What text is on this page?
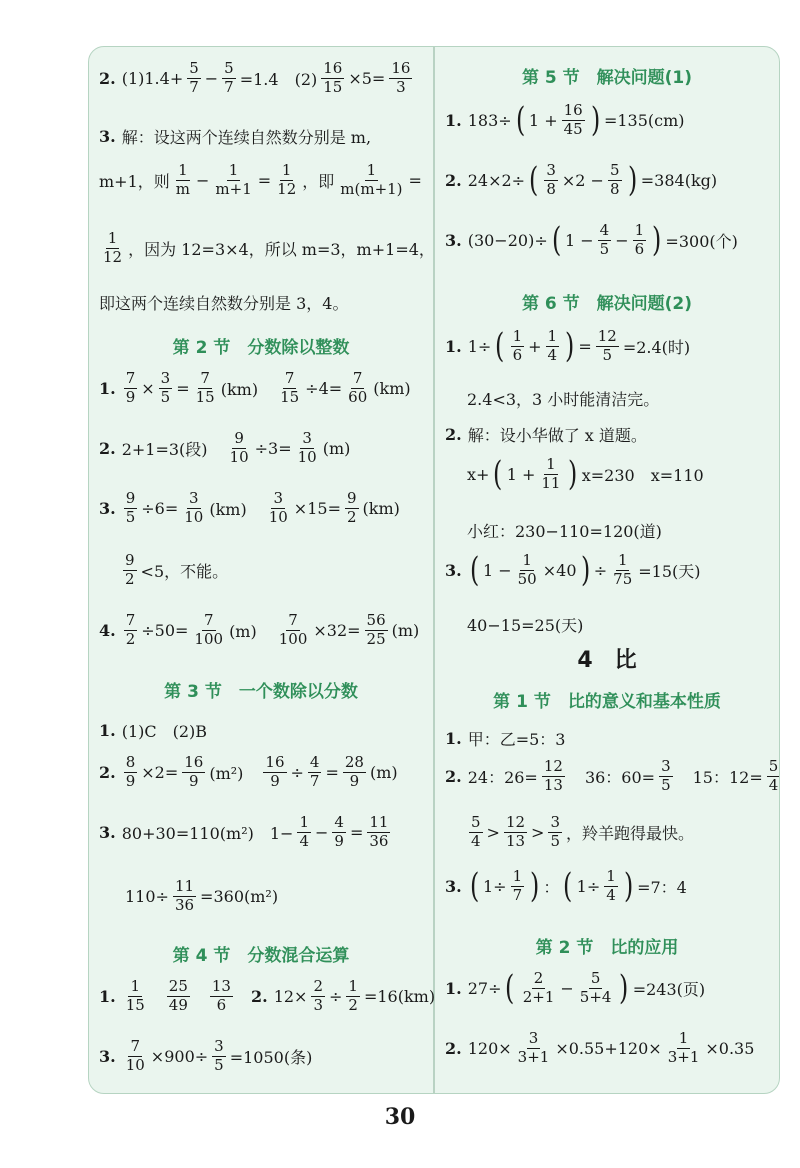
2. $(1)1.4+ \frac{5}{7} - \frac{5}{7} =1.4$　$(2) \frac{16}{15} \times 5= \frac{16}{3}$
3. 解：设这两个连续自然数分别是 m,
m+1，则 $\frac{1}{m} - \frac{1}{m+1} = \frac{1}{12}$ ，即 $\frac{1}{m(m+1)}$ =
$\frac{1}{12}$ ，因为 12=3×4，所以 m=3，m+1=4，
即这两个连续自然数分别是 3，4。
第 2 节　分数除以整数
1. $\frac{7}{9} \times \frac{3}{5} = \frac{7}{15} (km)$　 $\frac{7}{15} \div 4= \frac{7}{60} (km)$
2. 2+1=3(段)　 $\frac{9}{10} \div 3= \frac{3}{10} (m)$
3. $\frac{9}{5} \div 6= \frac{3}{10} (km)$　 $\frac{3}{10} \times 15= \frac{9}{2} (km)$
$\frac{9}{2} <5$，不能。
4. $\frac{7}{2} \div 50= \frac{7}{100} (m)$　 $\frac{7}{100} \times 32= \frac{56}{25} (m)$
第 3 节　一个数除以分数
1. (1)C　(2)B
2. $\frac{8}{9} \times 2= \frac{16}{9} (m^2)$　 $\frac{16}{9} \div \frac{4}{7} = \frac{28}{9} (m)$
3. 80+30=110(m²)　$1- \frac{1}{4} - \frac{4}{9} = \frac{11}{36}$
$110\div \frac{11}{36} =360(m^2)$
第 4 节　分数混合运算
1. $\frac{1}{15} \frac{25}{49} \frac{13}{6} 2$. $12\times \frac{2}{3} \div \frac{1}{2} =16(km)$
3. $\frac{7}{10} \times 900\div \frac{3}{5} =1050$(条)
第 5 节　解决问题(1)
1. 183÷ ( $1 + \frac{16}{45}$ ) =135(cm)
2. 24×2÷ ( $\frac{3}{8} \times 2 - \frac{5}{8}$ ) =384(kg)
3. (30−20)÷ ( $1 - \frac{4}{5} - \frac{1}{6}$ ) =300(个)
第 6 节　解决问题(2)
1. 1÷ ( $\frac{1}{6} + \frac{1}{4}$ ) = $\frac{12}{5} =2.4$(时)
2.4<3，3 小时能清洁完。
2. 解：设小华做了 x 道题。
x+ ( $1 + \frac{1}{11}$ ) x=230　x=110
小红：230−110=120(道)
3. ( $1 - \frac{1}{50} \times 40$ ) ÷ $\frac{1}{75} =15$(天)
40−15=25(天)
4　比
第 1 节　比的意义和基本性质
1. 甲：乙=5：3
2. 24：$26= \frac{12}{13}$ 　36：$60= \frac{3}{5}$ 　15：$12= \frac{5}{4}$
$\frac{5}{4} > \frac{12}{13} > \frac{3}{5}$ ，羚羊跑得最快。
3. ( $1\div \frac{1}{7}$ ) ： ( $1\div \frac{1}{4}$ ) =7：4
第 2 节　比的应用
1. 27÷ ( $\frac{2}{2+1} - \frac{5}{5+4}$ ) =243(页)
2. $120\times \frac{3}{3+1} \times 0.55+120\times \frac{1}{3+1} \times 0.35$
30
